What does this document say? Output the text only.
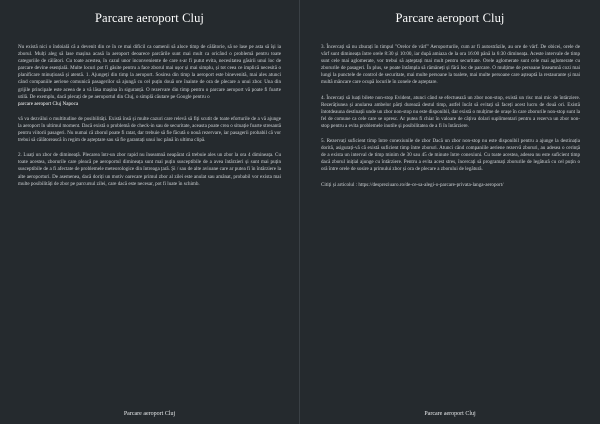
Parcare aeroport Cluj

Nu există nici o îndoială că a devenit din ce în ce mai dificil ca oamenii să aloce timp de călătorie, să se lase pe asta să își ia zborul. Mulți aleg să lase mașina acasă la aeroport deoarece parcările sunt mai mult ca oricând o problemă pentru toate categoriile de călători. Cu toate acestea, în cazul unor inconveniente de care s-ar fi putut evita, necesitatea găsirii unui loc de parcare devine esențială. Multe locuri pot fi găsite pentru a face zborul mai ușor și mai simplu, și tot ceea ce implică necesită o planificare minuțioasă și atentă. 1. Ajungeți din timp la aeroport. Sosirea din timp la aeroport este binevenită, mai ales atunci când companiile aeriene comunică pasagerilor să ajungă cu cel puțin două ore înainte de ora de plecare a unui zbor. Una din grijile principale este aceea de a vă lăsa mașina în siguranță. O rezervare din timp pentru o parcare aeroport vă poate fi foarte utilă. De exemplu, dacă plecați de pe aeroportul din Cluj, o simplă căutare pe Google pentru o
parcare aeroport Cluj Napoca

vă va dezvălui o multitudine de posibilități. Există însă și multe cazuri care relevă să fiți scutit de toate eforturile de a vă ajunge la aeroport în ultimul moment. Dacă există o problemă de check-in sau de securitate, aceasta poate crea o situație foarte stresantă pentru viitorii pasageri. Nu numai că zborul poate fi ratat, dar trebuie să fie făcută o nouă rezervare, iar pasagerii probabil că vor trebui să călătorească în regim de așteptare sau să fie garantați unui loc până în ultima clipă.

2. Luați un zbor de dimineață. Plecarea într-un zbor rapid nu înseamnă neapărat că trebuie ales un zbor la ora 4 dimineața. Cu toate acestea, zborurile care pleacă pe aeroportul dimineața sunt mai puțin susceptibile de a avea întârzieri și sunt mai puțin susceptibile de a fi afectate de problemele meteorologice din întreaga țară. Și / sau de alte avioane care ar putea fi în întârziere la alte aeroporturi. De asemenea, dacă doriți un motiv oarecare primul zbor al zilei este anulat sau amânat, probabil vor exista mai multe posibilități de zbor pe parcursul zilei, care dacă este necesar, pot fi luate în schimb.

Parcare aeroport Cluj
Parcare aeroport Cluj

3. Încercați să nu zburați în timpul "Orelor de vârf" Aeroporturile, cum ar fi autostrăzile, au ore de vârf. De obicei, orele de vârf sunt dimineața între orele 8:30 și 10:00, iar după amiaza de la ora 16:00 până la 6:30 dimineața. Aceste intervale de timp sunt cele mai aglomerate, vor trebui să așteptați mai mult pentru securitate. Orele aglomerate sunt cele mai aglomerate cu zborurile de pasageri. În plus, se poate întâmpla să rămâneți și fără loc de parcare. O mulțime de persoane înseamnă cozi mai lungi la punctele de control de securitate, mai multe persoane la toalete, mai multe persoane care așteaptă la restaurante și mai multă mâncare care ocupă locurile în zonele de așteptare.

4. Încercați să luați bilete non-stop Evident, atunci când se efectuează un zbor non-stop, există un risc mai mic de întârziere. Rezerățiunea și anularea ambelor părți durează destul timp, astfel încât să evitați să faceți acest lucru de două ori. Există întotdeauna destinații unde un zbor non-stop nu este disponibil, dar există o mulțime de orașe în care zborurile non-stop sunt la fel de comune ca cele care se opresc. Ar putea fi chiar în valoare de câțiva dolari suplimentari pentru a rezerva un zbor non-stop pentru a evita problemele inutile și posibilitatea de a fi în întârziere.

5. Rezervați suficient timp între conexiunile de zbor Dacă un zbor non-stop nu este disponibil pentru a ajunge la destinația dorită, asigurați-vă că există suficient timp între zboruri. Atunci când companiile aeriene rezervă zboruri, au adesea o cerință de a exista un interval de timp minim de 30 sau 45 de minute între conexiuni. Cu toate acestea, adesea nu este suficient timp dacă zborul inițial ajunge cu întârziere. Pentru a evita acest stres, încercați să programați zborurile de legătură cu cel puțin o oră între orele de sosire a primului zbor și ora de plecare a zborului de legătură.

Citiți și articolul : https://despreziuaro.ro/de-ce-sa-alegi-o-parcare-privata-langa-aeroport/

Parcare aeroport Cluj
